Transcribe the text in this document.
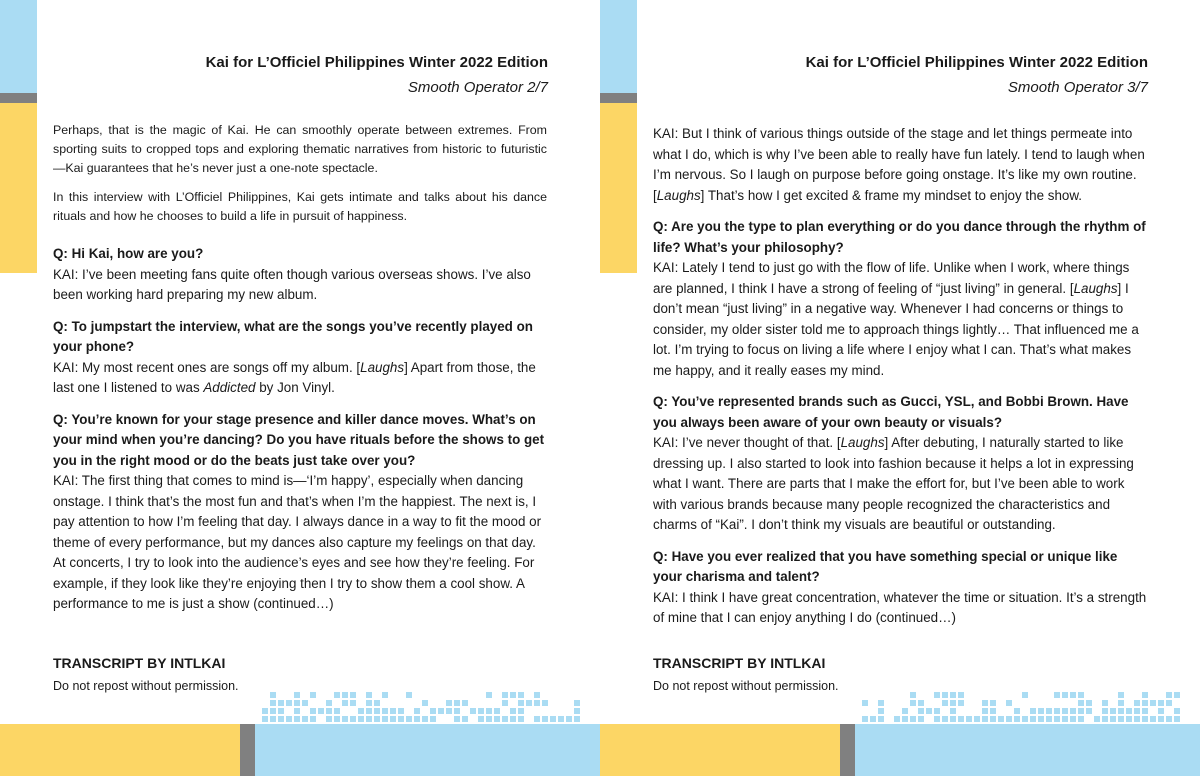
Kai for L’Officiel Philippines Winter 2022 Edition
Smooth Operator 2/7

Perhaps, that is the magic of Kai. He can smoothly operate between extremes. From sporting suits to cropped tops and exploring thematic narratives from historic to futuristic—Kai guarantees that he’s never just a one-note spectacle.

In this interview with L’Officiel Philippines, Kai gets intimate and talks about his dance rituals and how he chooses to build a life in pursuit of happiness.

Q: Hi Kai, how are you?
KAI: I’ve been meeting fans quite often though various overseas shows. I’ve also been working hard preparing my new album.
Q: To jumpstart the interview, what are the songs you’ve recently played on your phone?
KAI: My most recent ones are songs off my album. [Laughs] Apart from those, the last one I listened to was Addicted by Jon Vinyl.
Q: You’re known for your stage presence and killer dance moves. What’s on your mind when you’re dancing? Do you have rituals before the shows to get you in the right mood or do the beats just take over you?
KAI: The first thing that comes to mind is—‘I’m happy’, especially when dancing onstage. I think that’s the most fun and that’s when I’m the happiest. The next is, I pay attention to how I’m feeling that day. I always dance in a way to fit the mood or theme of every performance, but my dances also capture my feelings on that day. At concerts, I try to look into the audience’s eyes and see how they’re feeling. For example, if they look like they’re enjoying then I try to show them a cool show. A performance to me is just a show (continued…)
TRANSCRIPT BY INTLKAI
Do not repost without permission.
Kai for L’Officiel Philippines Winter 2022 Edition
Smooth Operator 3/7
KAI: But I think of various things outside of the stage and let things permeate into what I do, which is why I’ve been able to really have fun lately. I tend to laugh when I’m nervous. So I laugh on purpose before going onstage. It’s like my own routine. [Laughs] That’s how I get excited & frame my mindset to enjoy the show.
Q: Are you the type to plan everything or do you dance through the rhythm of life? What’s your philosophy?
KAI: Lately I tend to just go with the flow of life. Unlike when I work, where things are planned, I think I have a strong of feeling of “just living” in general. [Laughs] I don’t mean “just living” in a negative way. Whenever I had concerns or things to consider, my older sister told me to approach things lightly… That influenced me a lot. I’m trying to focus on living a life where I enjoy what I can. That’s what makes me happy, and it really eases my mind.
Q: You’ve represented brands such as Gucci, YSL, and Bobbi Brown. Have you always been aware of your own beauty or visuals?
KAI: I’ve never thought of that. [Laughs] After debuting, I naturally started to like dressing up. I also started to look into fashion because it helps a lot in expressing what I want. There are parts that I make the effort for, but I’ve been able to work with various brands because many people recognized the characteristics and charms of “Kai”. I don’t think my visuals are beautiful or outstanding.
Q: Have you ever realized that you have something special or unique like your charisma and talent?
KAI: I think I have great concentration, whatever the time or situation. It’s a strength of mine that I can enjoy anything I do (continued…)
TRANSCRIPT BY INTLKAI
Do not repost without permission.
